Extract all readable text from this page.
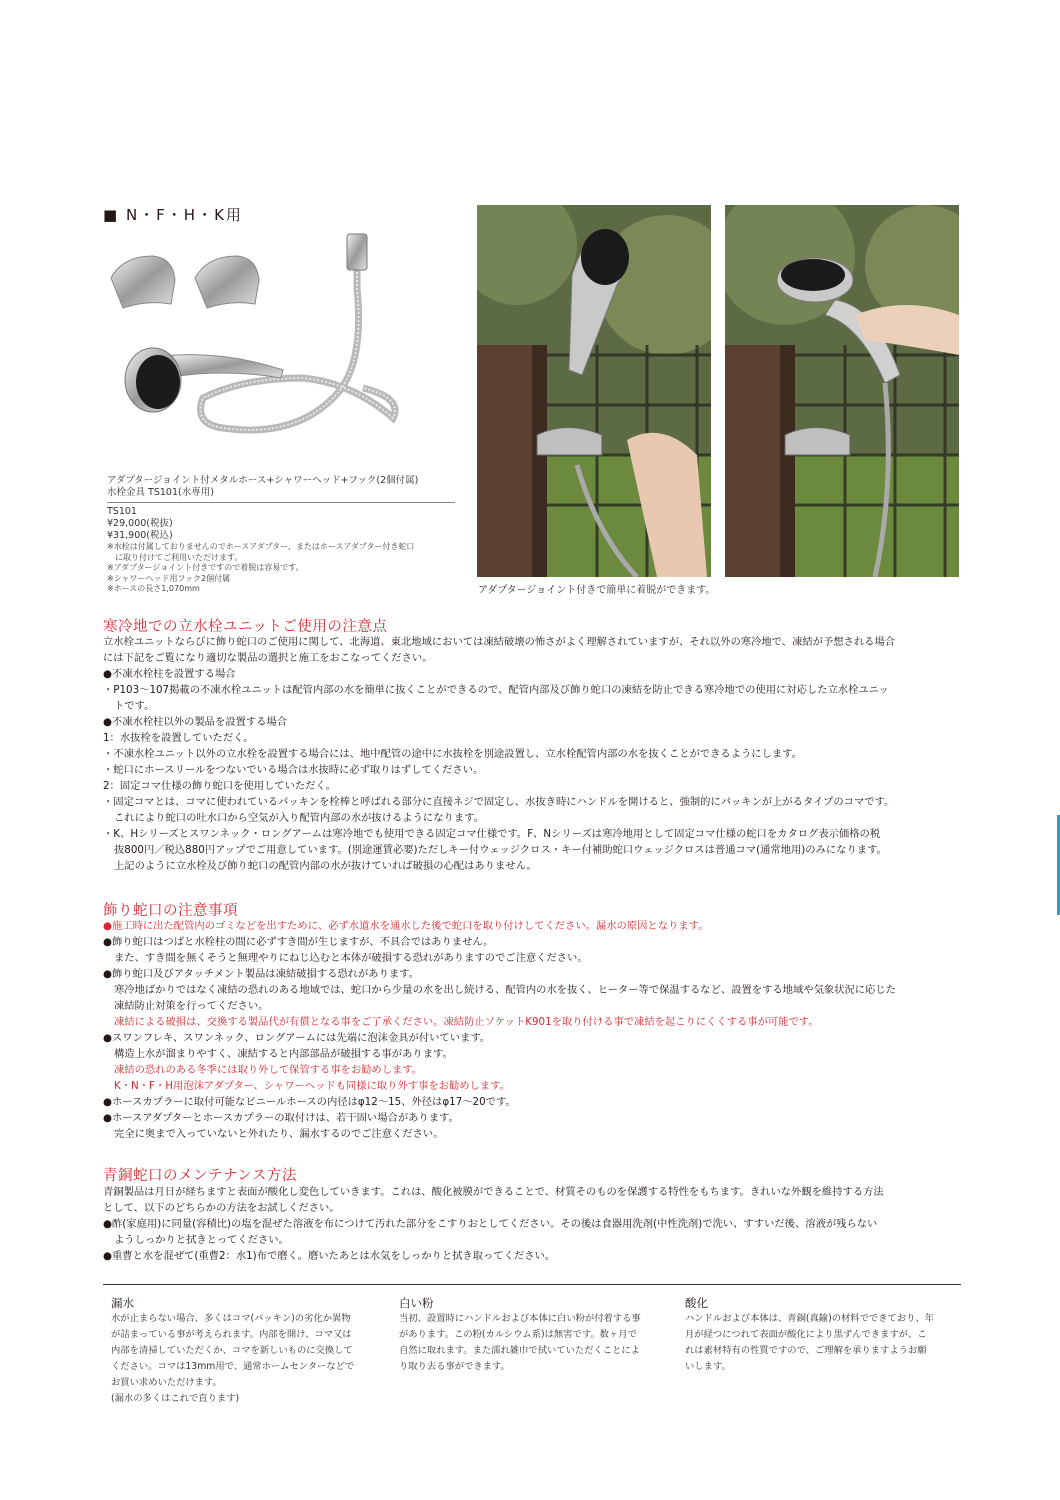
■ N・F・H・K用
アダプタージョイント付メタルホース+シャワーヘッド+フック(2個付属)
水栓金具 TS101(水専用)
TS101
¥29,000(税抜)
¥31,900(税込)
※水栓は付属しておりませんのでホースアダプター、またはホースアダプター付き蛇口
　に取り付けてご利用いただけます。
※アダプタージョイント付きですので着脱は容易です。
※シャワーヘッド用フック2個付属
※ホースの長さ1,070mm	アダプタージョイント付きで簡単に着脱ができます。
寒冷地での立水栓ユニットご使用の注意点

立水栓ユニットならびに飾り蛇口のご使用に関して、北海道、東北地域においては凍結破壊の怖さがよく理解されていますが、それ以外の寒冷地で、凍結が予想される場合

には下記をご覧になり適切な製品の選択と施工をおこなってください。

●不凍水栓柱を設置する場合

・P103〜107掲載の不凍水栓ユニットは配管内部の水を簡単に抜くことができるので、配管内部及び飾り蛇口の凍結を防止できる寒冷地での使用に対応した立水栓ユニッ

トです。

●不凍水栓柱以外の製品を設置する場合

1：水抜栓を設置していただく。

・不凍水栓ユニット以外の立水栓を設置する場合には、地中配管の途中に水抜栓を別途設置し、立水栓配管内部の水を抜くことができるようにします。

・蛇口にホースリールをつないでいる場合は水抜時に必ず取りはずしてください。

2：固定コマ仕様の飾り蛇口を使用していただく。

・固定コマとは、コマに使われているパッキンを栓棒と呼ばれる部分に直接ネジで固定し、水抜き時にハンドルを開けると、強制的にパッキンが上がるタイプのコマです。

これにより蛇口の吐水口から空気が入り配管内部の水が抜けるようになります。

・K、Hシリーズとスワンネック・ロングアームは寒冷地でも使用できる固定コマ仕様です。F、Nシリーズは寒冷地用として固定コマ仕様の蛇口をカタログ表示価格の税

抜800円／税込880円アップでご用意しています。(別途運賃必要)ただしキー付ウェッジクロス・キー付補助蛇口ウェッジクロスは普通コマ(通常地用)のみになります。

上記のように立水栓及び飾り蛇口の配管内部の水が抜けていれば破損の心配はありません。

飾り蛇口の注意事項

●施工時に出た配管内のゴミなどを出すために、必ず水道水を通水した後で蛇口を取り付けしてください。漏水の原因となります。

●飾り蛇口はつばと水栓柱の間に必ずすき間が生じますが、不具合ではありません。

また、すき間を無くそうと無理やりにねじ込むと本体が破損する恐れがありますのでご注意ください。

●飾り蛇口及びアタッチメント製品は凍結破損する恐れがあります。

寒冷地ばかりではなく凍結の恐れのある地域では、蛇口から少量の水を出し続ける、配管内の水を抜く、ヒーター等で保温するなど、設置をする地域や気象状況に応じた

凍結防止対策を行ってください。

凍結による破損は、交換する製品代が有償となる事をご了承ください。凍結防止ソケットK901を取り付ける事で凍結を起こりにくくする事が可能です。

●スワンフレキ、スワンネック、ロングアームには先端に泡沫金具が付いています。

構造上水が溜まりやすく、凍結すると内部部品が破損する事があります。

凍結の恐れのある冬季には取り外して保管する事をお勧めします。

K・N・F・H用泡沫アダプター、シャワーヘッドも同様に取り外す事をお勧めします。

●ホースカプラーに取付可能なビニールホースの内径はφ12〜15、外径はφ17〜20です。

●ホースアダプターとホースカプラーの取付けは、若干固い場合があります。

完全に奥まで入っていないと外れたり、漏水するのでご注意ください。

青銅蛇口のメンテナンス方法

青銅製品は月日が経ちますと表面が酸化し変色していきます。これは、酸化被膜ができることで、材質そのものを保護する特性をもちます。きれいな外観を維持する方法

として、以下のどちらかの方法をお試しください。

●酢(家庭用)に同量(容積比)の塩を混ぜた溶液を布につけて汚れた部分をこすりおとしてください。その後は食器用洗剤(中性洗剤)で洗い、すすいだ後、溶液が残らない

ようしっかりと拭きとってください。

●重曹と水を混ぜて(重曹2：水1)布で磨く。磨いたあとは水気をしっかりと拭き取ってください。

漏水

水が止まらない場合、多くはコマ(パッキン)の劣化か異物

が詰まっている事が考えられます。内部を開け、コマ又は

内部を清掃していただくか、コマを新しいものに交換して

ください。コマは13mm用で、通常ホームセンターなどで

お買い求めいただけます。

(漏水の多くはこれで直ります)

白い粉

当初、設置時にハンドルおよび本体に白い粉が付着する事

があります。この粉(カルシウム系)は無害です。数ヶ月で

自然に取れます。また濡れ雑巾で拭いていただくことによ

り取り去る事ができます。

酸化

ハンドルおよび本体は、青銅(真鍮)の材料でできており、年

月が経つにつれて表面が酸化により黒ずんできますが、こ

れは素材特有の性質ですので、ご理解を承りますようお願

いします。
